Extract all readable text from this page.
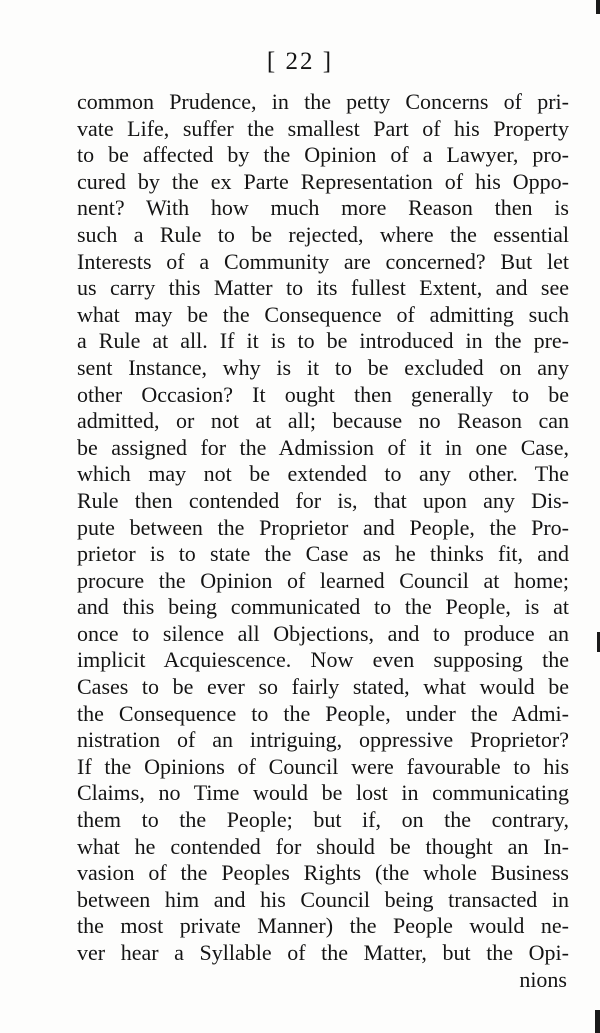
[ 22 ]
common Prudence, in the petty Concerns of pri-
vate Life, suffer the smallest Part of his Property
to be affected by the Opinion of a Lawyer, pro-
cured by the ex Parte Representation of his Oppo-
nent? With how much more Reason then is
such a Rule to be rejected, where the essential
Interests of a Community are concerned? But let
us carry this Matter to its fullest Extent, and see
what may be the Consequence of admitting such
a Rule at all. If it is to be introduced in the pre-
sent Instance, why is it to be excluded on any
other Occasion? It ought then generally to be
admitted, or not at all; because no Reason can
be assigned for the Admission of it in one Case,
which may not be extended to any other. The
Rule then contended for is, that upon any Dis-
pute between the Proprietor and People, the Pro-
prietor is to state the Case as he thinks fit, and
procure the Opinion of learned Council at home;
and this being communicated to the People, is at
once to silence all Objections, and to produce an
implicit Acquiescence. Now even supposing the
Cases to be ever so fairly stated, what would be
the Consequence to the People, under the Admi-
nistration of an intriguing, oppressive Proprietor?
If the Opinions of Council were favourable to his
Claims, no Time would be lost in communicating
them to the People; but if, on the contrary,
what he contended for should be thought an In-
vasion of the Peoples Rights (the whole Business
between him and his Council being transacted in
the most private Manner) the People would ne-
ver hear a Syllable of the Matter, but the Opi-
nions
